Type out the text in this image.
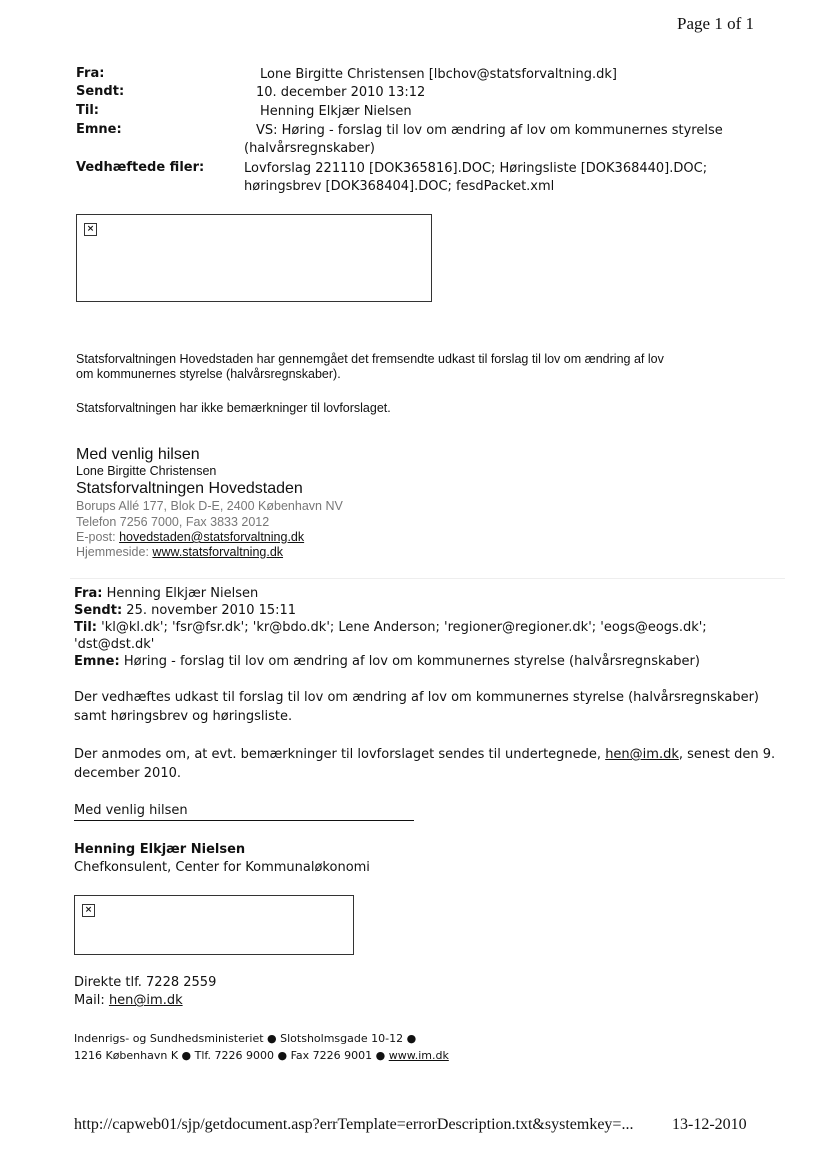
Page 1 of 1
Fra:	Lone Birgitte Christensen [lbchov@statsforvaltning.dk]
Sendt:	10. december 2010 13:12
Til:	Henning Elkjær Nielsen
Emne:	VS: Høring - forslag til lov om ændring af lov om kommunernes styrelse
(halvårsregnskaber)
Vedhæftede filer:	Lovforslag 221110 [DOK365816].DOC; Høringsliste [DOK368440].DOC;
høringsbrev [DOK368404].DOC; fesdPacket.xml
×
Statsforvaltningen Hovedstaden har gennemgået det fremsendte udkast til forslag til lov om ændring af lov
om kommunernes styrelse (halvårsregnskaber).
Statsforvaltningen har ikke bemærkninger til lovforslaget.
Med venlig hilsen
Lone Birgitte Christensen
Statsforvaltningen Hovedstaden
Borups Allé 177, Blok D-E, 2400 København NV
Telefon 7256 7000, Fax 3833 2012
E-post: hovedstaden@statsforvaltning.dk
Hjemmeside: www.statsforvaltning.dk
Fra: Henning Elkjær Nielsen
Sendt: 25. november 2010 15:11
Til: 'kl@kl.dk'; 'fsr@fsr.dk'; 'kr@bdo.dk'; Lene Anderson; 'regioner@regioner.dk'; 'eogs@eogs.dk';
'dst@dst.dk'
Emne: Høring - forslag til lov om ændring af lov om kommunernes styrelse (halvårsregnskaber)
Der vedhæftes udkast til forslag til lov om ændring af lov om kommunernes styrelse (halvårsregnskaber)
samt høringsbrev og høringsliste.
Der anmodes om, at evt. bemærkninger til lovforslaget sendes til undertegnede, hen@im.dk, senest den 9.
december 2010.
Med venlig hilsen
Henning Elkjær Nielsen
Chefkonsulent, Center for Kommunaløkonomi
×
Direkte tlf. 7228 2559
Mail: hen@im.dk
Indenrigs- og Sundhedsministeriet ● Slotsholmsgade 10-12 ●
1216 København K ● Tlf. 7226 9000 ● Fax 7226 9001 ● www.im.dk
http://capweb01/sjp/getdocument.asp?errTemplate=errorDescription.txt&systemkey=... 13-12-2010
